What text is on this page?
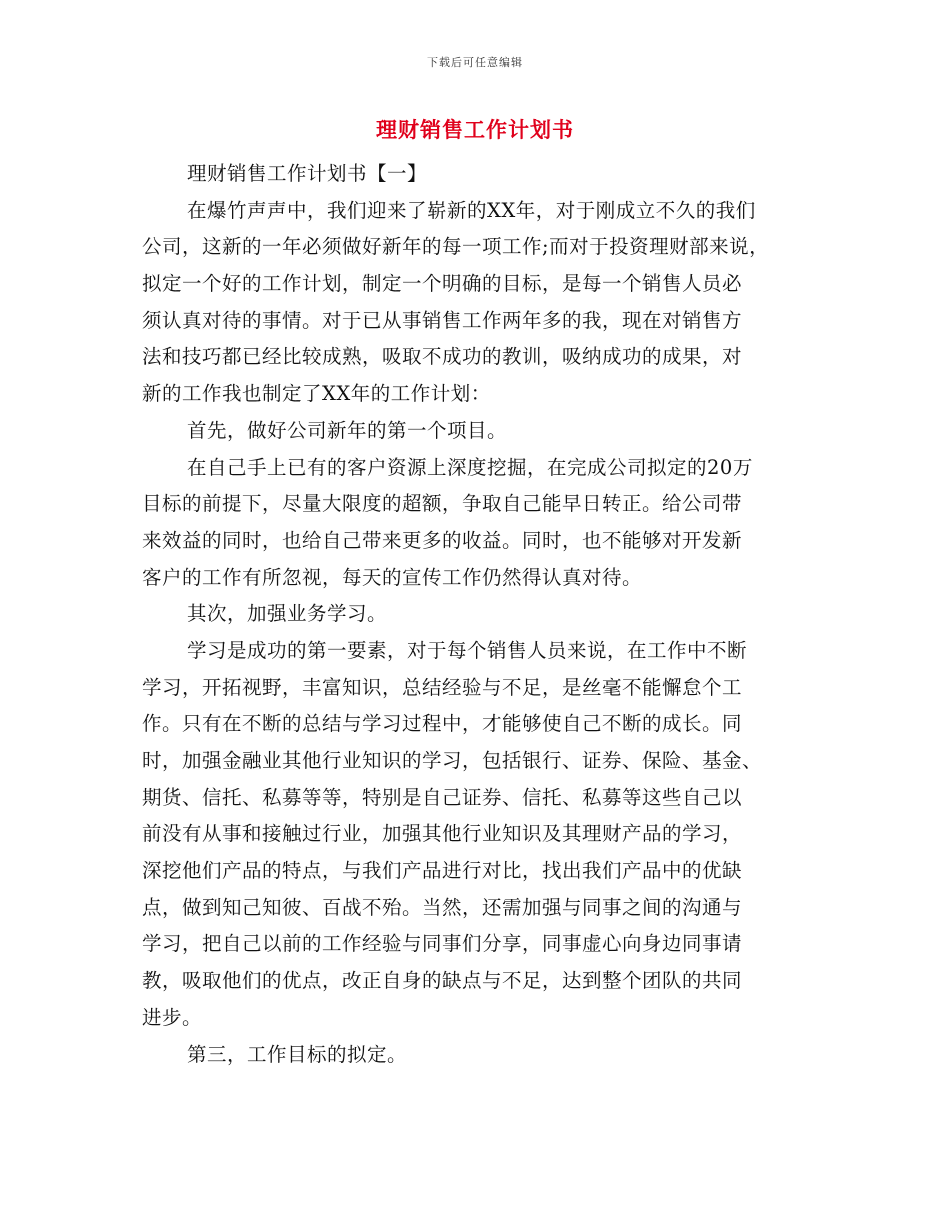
下载后可任意编辑
理财销售工作计划书
理财销售工作计划书【一】
在爆竹声声中，我们迎来了崭新的XX年，对于刚成立不久的我们
公司，这新的一年必须做好新年的每一项工作;而对于投资理财部来说，
拟定一个好的工作计划，制定一个明确的目标，是每一个销售人员必
须认真对待的事情。对于已从事销售工作两年多的我，现在对销售方
法和技巧都已经比较成熟，吸取不成功的教训，吸纳成功的成果，对
新的工作我也制定了XX年的工作计划：
首先，做好公司新年的第一个项目。
在自己手上已有的客户资源上深度挖掘，在完成公司拟定的20万
目标的前提下，尽量大限度的超额，争取自己能早日转正。给公司带
来效益的同时，也给自己带来更多的收益。同时，也不能够对开发新
客户的工作有所忽视，每天的宣传工作仍然得认真对待。
其次，加强业务学习。
学习是成功的第一要素，对于每个销售人员来说，在工作中不断
学习，开拓视野，丰富知识，总结经验与不足，是丝毫不能懈怠个工
作。只有在不断的总结与学习过程中，才能够使自己不断的成长。同
时，加强金融业其他行业知识的学习，包括银行、证券、保险、基金、
期货、信托、私募等等，特别是自己证券、信托、私募等这些自己以
前没有从事和接触过行业，加强其他行业知识及其理财产品的学习，
深挖他们产品的特点，与我们产品进行对比，找出我们产品中的优缺
点，做到知己知彼、百战不殆。当然，还需加强与同事之间的沟通与
学习，把自己以前的工作经验与同事们分享，同事虚心向身边同事请
教，吸取他们的优点，改正自身的缺点与不足，达到整个团队的共同
进步。
第三，工作目标的拟定。
